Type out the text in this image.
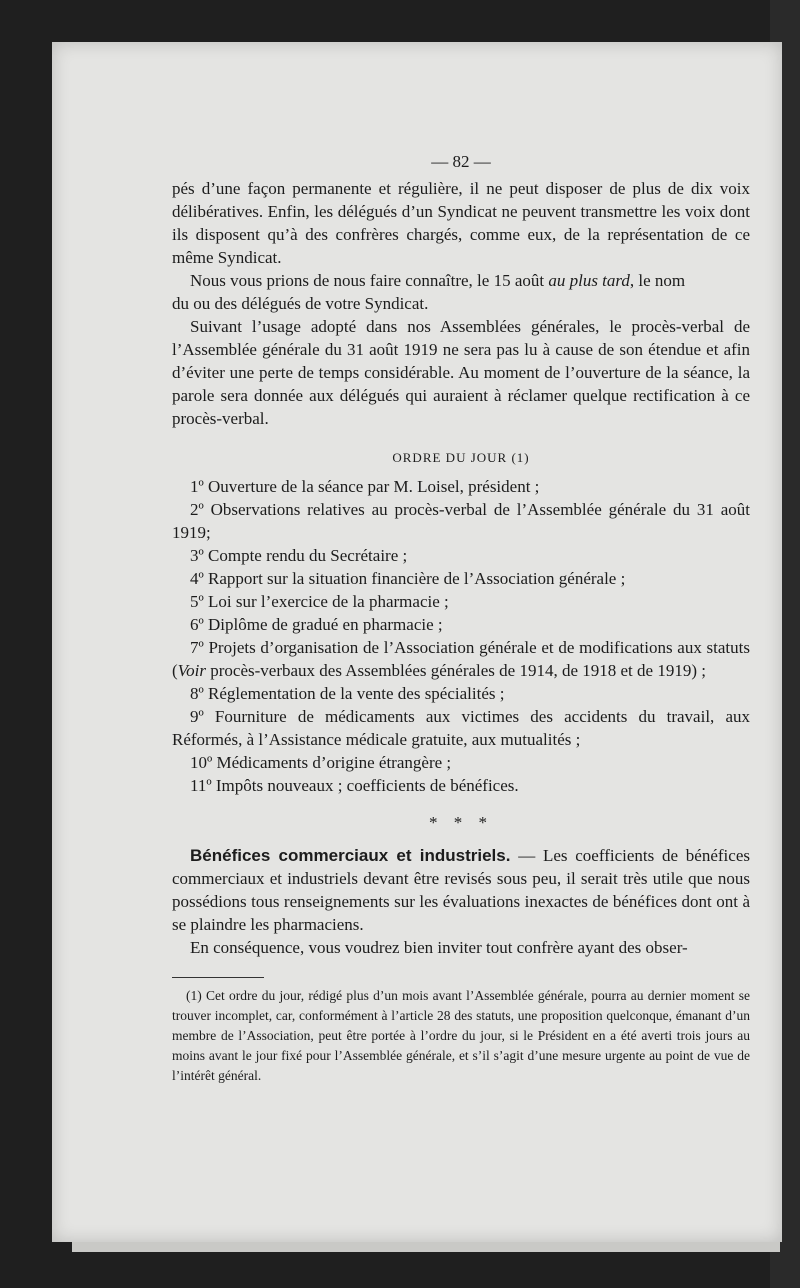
— 82 —

pés d’une façon permanente et régulière, il ne peut disposer de plus de dix voix délibératives. Enfin, les délégués d’un Syndicat ne peuvent transmettre les voix dont ils disposent qu’à des confrères chargés, comme eux, de la représentation de ce même Syndicat.

Nous vous prions de nous faire connaître, le 15 août au plus tard, le nom

du ou des délégués de votre Syndicat.

Suivant l’usage adopté dans nos Assemblées générales, le procès-verbal de l’Assemblée générale du 31 août 1919 ne sera pas lu à cause de son étendue et afin d’éviter une perte de temps considérable. Au moment de l’ouverture de la séance, la parole sera donnée aux délégués qui auraient à réclamer quelque rectification à ce procès-verbal.

ORDRE DU JOUR (1)
1º Ouverture de la séance par M. Loisel, président ;
2º Observations relatives au procès-verbal de l’Assemblée générale du 31 août 1919;
3º Compte rendu du Secrétaire ;
4º Rapport sur la situation financière de l’Association générale ;
5º Loi sur l’exercice de la pharmacie ;
6º Diplôme de gradué en pharmacie ;
7º Projets d’organisation de l’Association générale et de modifications aux statuts (Voir procès-verbaux des Assemblées générales de 1914, de 1918 et de 1919) ;
8º Réglementation de la vente des spécialités ;
9º Fourniture de médicaments aux victimes des accidents du travail, aux Réformés, à l’Assistance médicale gratuite, aux mutualités ;
10º Médicaments d’origine étrangère ;
11º Impôts nouveaux ; coefficients de bénéfices.
* * *

Bénéfices commerciaux et industriels. — Les coefficients de bénéfices commerciaux et industriels devant être revisés sous peu, il serait très utile que nous possédions tous renseignements sur les évaluations inexactes de bénéfices dont ont à se plaindre les pharmaciens.

En conséquence, vous voudrez bien inviter tout confrère ayant des obser-

(1) Cet ordre du jour, rédigé plus d’un mois avant l’Assemblée générale, pourra au dernier moment se trouver incomplet, car, conformément à l’article 28 des statuts, une proposition quelconque, émanant d’un membre de l’Association, peut être portée à l’ordre du jour, si le Président en a été averti trois jours au moins avant le jour fixé pour l’Assemblée générale, et s’il s’agit d’une mesure urgente au point de vue de l’intérêt général.
